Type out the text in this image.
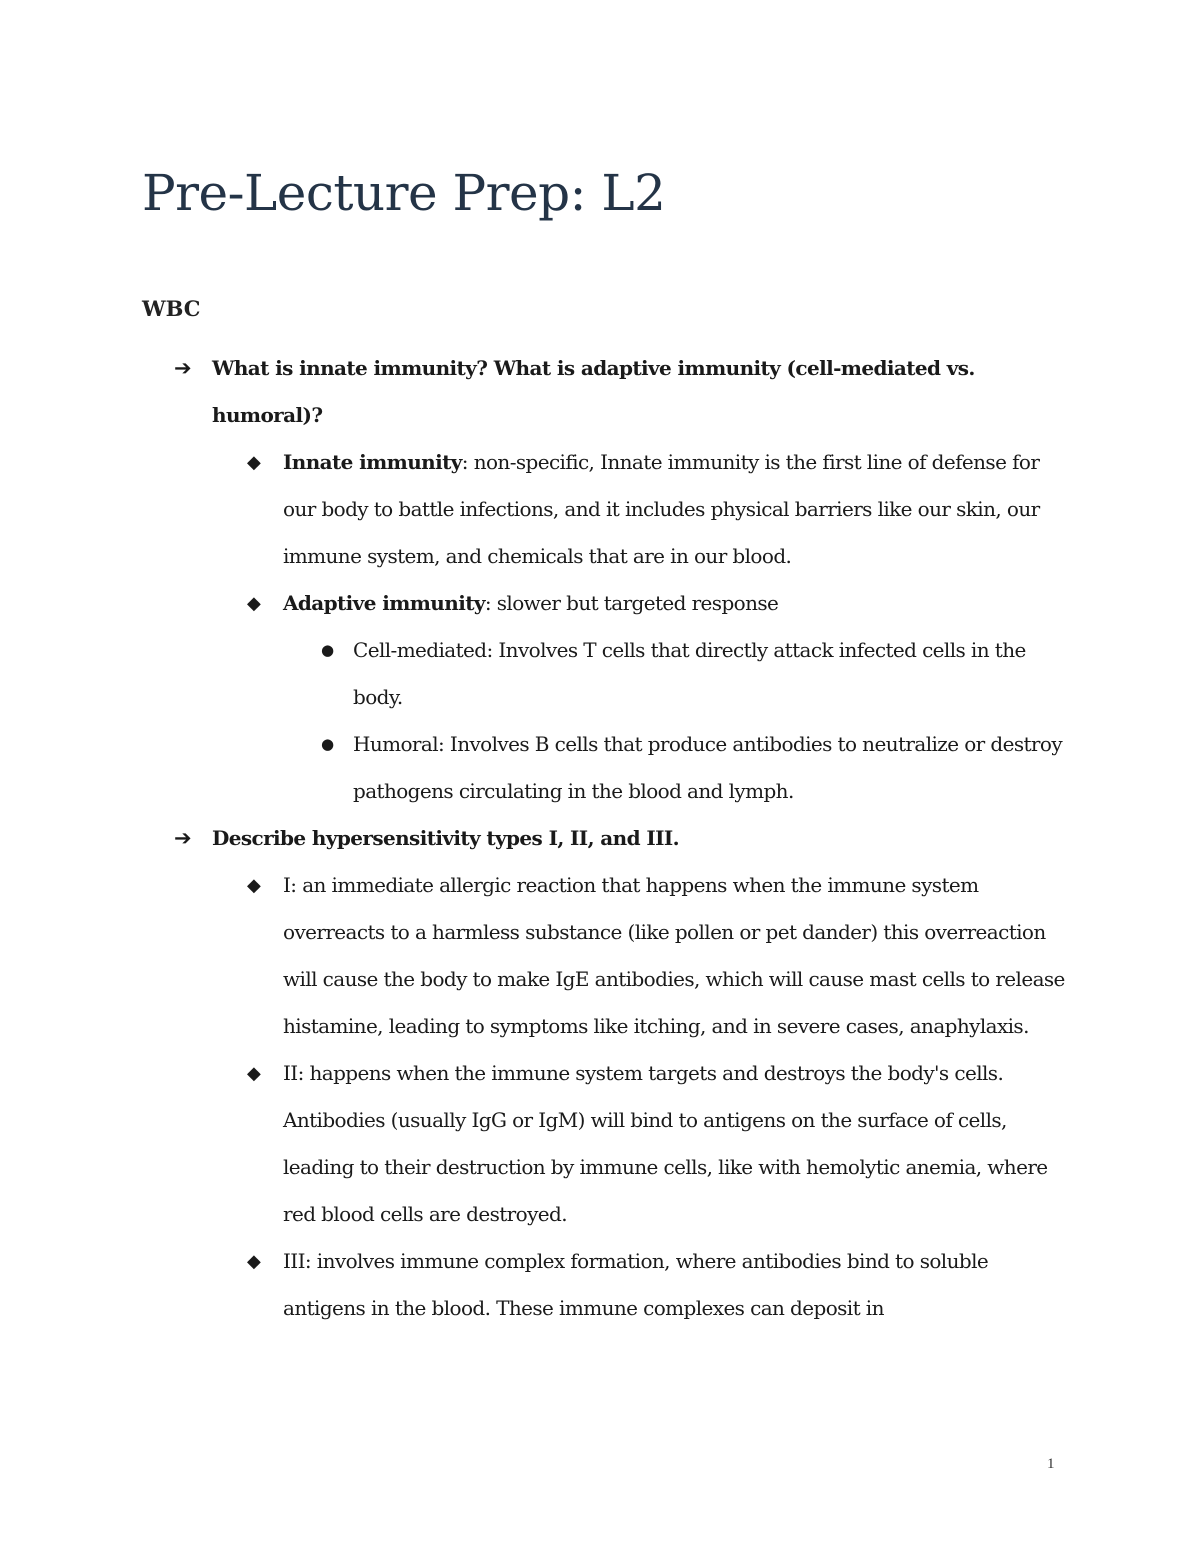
Pre-Lecture Prep: L2
WBC
➔ What is innate immunity? What is adaptive immunity (cell-mediated vs. humoral)?
◆ Innate immunity: non-specific, Innate immunity is the first line of defense for our body to battle infections, and it includes physical barriers like our skin, our immune system, and chemicals that are in our blood.
◆ Adaptive immunity: slower but targeted response
● Cell-mediated: Involves T cells that directly attack infected cells in the body.
● Humoral: Involves B cells that produce antibodies to neutralize or destroy pathogens circulating in the blood and lymph.
➔ Describe hypersensitivity types I, II, and III.
◆ I: an immediate allergic reaction that happens when the immune system overreacts to a harmless substance (like pollen or pet dander) this overreaction will cause the body to make IgE antibodies, which will cause mast cells to release histamine, leading to symptoms like itching, and in severe cases, anaphylaxis.
◆ II: happens when the immune system targets and destroys the body's cells. Antibodies (usually IgG or IgM) will bind to antigens on the surface of cells, leading to their destruction by immune cells, like with hemolytic anemia, where red blood cells are destroyed.
◆ III: involves immune complex formation, where antibodies bind to soluble antigens in the blood. These immune complexes can deposit in
1
